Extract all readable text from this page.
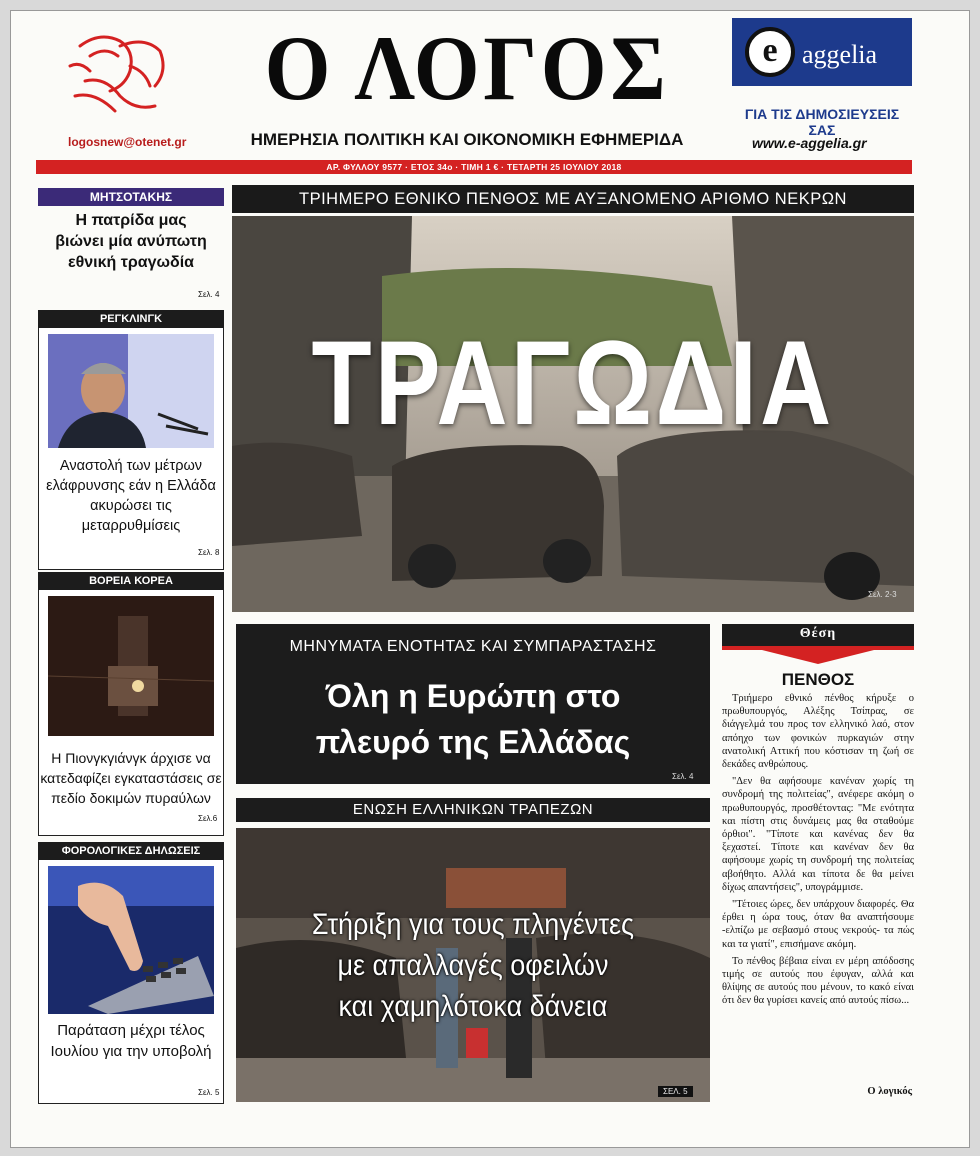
logosnew@otenet.gr
Ο ΛΟΓΟΣ
ΗΜΕΡΗΣΙΑ ΠΟΛΙΤΙΚΗ ΚΑΙ ΟΙΚΟΝΟΜΙΚΗ ΕΦΗΜΕΡΙΔΑ
e aggelia
ΓΙΑ ΤΙΣ ΔΗΜΟΣΙΕΥΣΕΙΣ ΣΑΣ
www.e-aggelia.gr
ΑΡ. ΦΥΛΛΟΥ 9577 · ΕΤΟΣ 34ο · ΤΙΜΗ 1 € · ΤΕΤΑΡΤΗ 25 ΙΟΥΛΙΟΥ 2018
ΜΗΤΣΟΤΑΚΗΣ
Η πατρίδα μας βιώνει μία ανύπωτη εθνική τραγωδία
Σελ. 4
ΡΕΓΚΛΙΝΓΚ
Αναστολή των μέτρων ελάφρυνσης εάν η Ελλάδα ακυρώσει τις μεταρρυθμίσεις
Σελ. 8
ΒΟΡΕΙΑ ΚΟΡΕΑ
Η Πιονγκγιάνγκ άρχισε να κατεδαφίζει εγκαταστάσεις σε πεδίο δοκιμών πυραύλων
Σελ.6
ΦΟΡΟΛΟΓΙΚΕΣ ΔΗΛΩΣΕΙΣ
Παράταση μέχρι τέλος Ιουλίου για την υποβολή
Σελ. 5
ΤΡΙΗΜΕΡΟ ΕΘΝΙΚΟ ΠΕΝΘΟΣ ΜΕ ΑΥΞΑΝΟΜΕΝΟ ΑΡΙΘΜΟ ΝΕΚΡΩΝ
ΤΡΑΓΩΔΙΑ
Σελ. 2-3
ΜΗΝΥΜΑΤΑ ΕΝΟΤΗΤΑΣ ΚΑΙ ΣΥΜΠΑΡΑΣΤΑΣΗΣ
Όλη η Ευρώπη στο
πλευρό της Ελλάδας
Σελ. 4
ΕΝΩΣΗ ΕΛΛΗΝΙΚΩΝ ΤΡΑΠΕΖΩΝ
Στήριξη για τους πληγέντες
με απαλλαγές οφειλών
και χαμηλότοκα δάνεια
ΣΕΛ. 5
Θέση
ΠΕΝΘΟΣ

Τριήμερο εθνικό πένθος κήρυξε ο πρωθυπουργός, Αλέξης Τσίπρας, σε διάγγελμά του προς τον ελληνικό λαό, στον απόηχο των φονικών πυρκαγιών στην ανατολική Αττική που κόστισαν τη ζωή σε δεκάδες ανθρώπους.

"Δεν θα αφήσουμε κανέναν χωρίς τη συνδρομή της πολιτείας", ανέφερε ακόμη ο πρωθυπουργός, προσθέτοντας: "Με ενότητα και πίστη στις δυνάμεις μας θα σταθούμε όρθιοι". "Τίποτε και κανένας δεν θα ξεχαστεί. Τίποτε και κανέναν δεν θα αφήσουμε χωρίς τη συνδρομή της πολιτείας αβοήθητο. Αλλά και τίποτα δε θα μείνει δίχως απαντήσεις", υπογράμμισε.

"Τέτοιες ώρες, δεν υπάρχουν διαφορές. Θα έρθει η ώρα τους, όταν θα αναπτήσουμε -ελπίζω με σεβασμό στους νεκρούς- τα πώς και τα γιατί", επισήμανε ακόμη.

Το πένθος βέβαια είναι εν μέρη απόδοσης τιμής σε αυτούς που έφυγαν, αλλά και θλίψης σε αυτούς που μένουν, το κακό είναι ότι δεν θα γυρίσει κανείς από αυτούς πίσω...

Ο λογικός
